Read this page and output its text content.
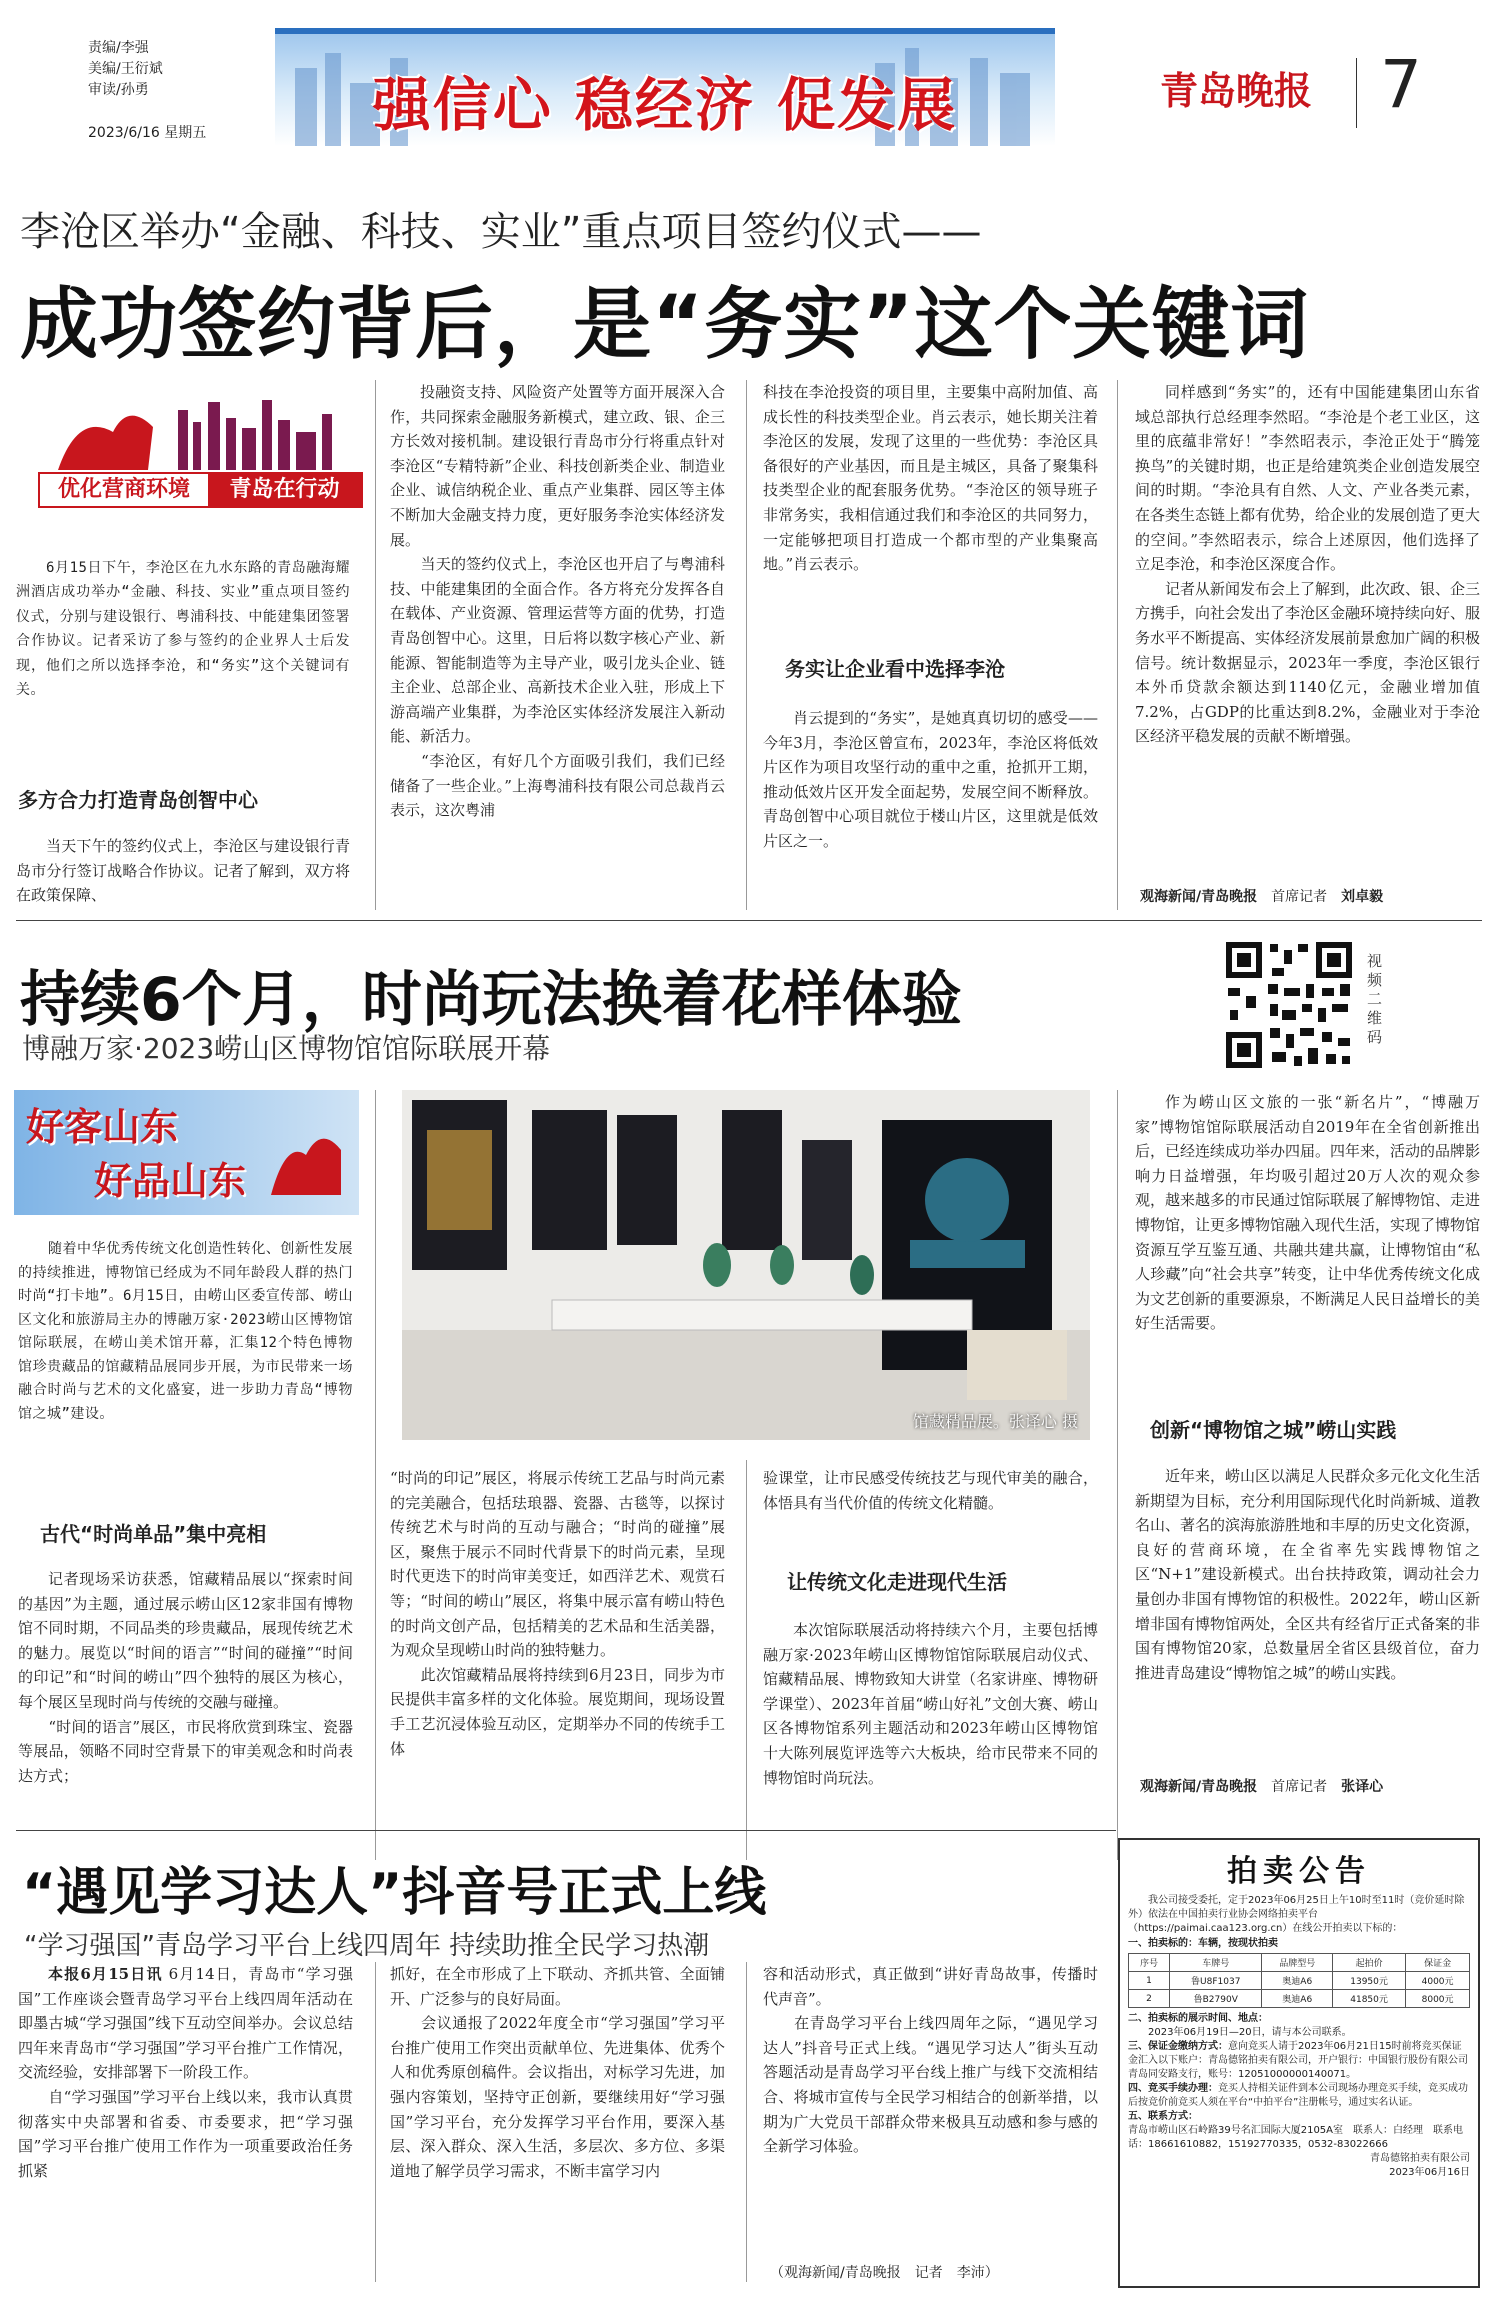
责编/李强
美编/王衍斌
审读/孙勇
2023/6/16 星期五	强信心 稳经济 促发展	青岛晚报 7
李沧区举办“金融、科技、实业”重点项目签约仪式——
成功签约背后，是“务实”这个关键词
优化营商环境	青岛在行动
6月15日下午，李沧区在九水东路的青岛融海耀洲酒店成功举办“金融、科技、实业”重点项目签约仪式，分别与建设银行、粤浦科技、中能建集团签署合作协议。记者采访了参与签约的企业界人士后发现，他们之所以选择李沧，和“务实”这个关键词有关。
多方合力打造青岛创智中心
当天下午的签约仪式上，李沧区与建设银行青岛市分行签订战略合作协议。记者了解到，双方将在政策保障、
投融资支持、风险资产处置等方面开展深入合作，共同探索金融服务新模式，建立政、银、企三方长效对接机制。建设银行青岛市分行将重点针对李沧区“专精特新”企业、科技创新类企业、制造业企业、诚信纳税企业、重点产业集群、园区等主体不断加大金融支持力度，更好服务李沧实体经济发展。
　　当天的签约仪式上，李沧区也开启了与粤浦科技、中能建集团的全面合作。各方将充分发挥各自在载体、产业资源、管理运营等方面的优势，打造青岛创智中心。这里，日后将以数字核心产业、新能源、智能制造等为主导产业，吸引龙头企业、链主企业、总部企业、高新技术企业入驻，形成上下游高端产业集群，为李沧区实体经济发展注入新动能、新活力。
　　“李沧区，有好几个方面吸引我们，我们已经储备了一些企业。”上海粤浦科技有限公司总裁肖云表示，这次粤浦
科技在李沧投资的项目里，主要集中高附加值、高成长性的科技类型企业。肖云表示，她长期关注着李沧区的发展，发现了这里的一些优势：李沧区具备很好的产业基因，而且是主城区，具备了聚集科技类型企业的配套服务优势。“李沧区的领导班子非常务实，我相信通过我们和李沧区的共同努力，一定能够把项目打造成一个都市型的产业集聚高地。”肖云表示。
务实让企业看中选择李沧
肖云提到的“务实”，是她真真切切的感受——今年3月，李沧区曾宣布，2023年，李沧区将低效片区作为项目攻坚行动的重中之重，抢抓开工期，推动低效片区开发全面起势，发展空间不断释放。青岛创智中心项目就位于楼山片区，这里就是低效片区之一。
同样感到“务实”的，还有中国能建集团山东省域总部执行总经理李然昭。“李沧是个老工业区，这里的底蕴非常好！”李然昭表示，李沧正处于“腾笼换鸟”的关键时期，也正是给建筑类企业创造发展空间的时期。“李沧具有自然、人文、产业各类元素，在各类生态链上都有优势，给企业的发展创造了更大的空间。”李然昭表示，综合上述原因，他们选择了立足李沧，和李沧区深度合作。
　　记者从新闻发布会上了解到，此次政、银、企三方携手，向社会发出了李沧区金融环境持续向好、服务水平不断提高、实体经济发展前景愈加广阔的积极信号。统计数据显示，2023年一季度，李沧区银行本外币贷款余额达到1140亿元，金融业增加值7.2%，占GDP的比重达到8.2%，金融业对于李沧区经济平稳发展的贡献不断增强。
观海新闻/青岛晚报　 首席记者　 刘卓毅
持续6个月，时尚玩法换着花样体验
博融万家·2023崂山区博物馆馆际联展开幕
视频二维码
好客山东
好品山东
随着中华优秀传统文化创造性转化、创新性发展的持续推进，博物馆已经成为不同年龄段人群的热门时尚“打卡地”。6月15日，由崂山区委宣传部、崂山区文化和旅游局主办的博融万家·2023崂山区博物馆馆际联展，在崂山美术馆开幕，汇集12个特色博物馆珍贵藏品的馆藏精品展同步开展，为市民带来一场融合时尚与艺术的文化盛宴，进一步助力青岛“博物馆之城”建设。
古代“时尚单品”集中亮相
记者现场采访获悉，馆藏精品展以“探索时间的基因”为主题，通过展示崂山区12家非国有博物馆不同时期，不同品类的珍贵藏品，展现传统艺术的魅力。展览以“时间的语言”“时间的碰撞”“时间的印记”和“时间的崂山”四个独特的展区为核心，每个展区呈现时尚与传统的交融与碰撞。
　　“时间的语言”展区，市民将欣赏到珠宝、瓷器等展品，领略不同时空背景下的审美观念和时尚表达方式；
馆藏精品展。张译心 摄
“时尚的印记”展区，将展示传统工艺品与时尚元素的完美融合，包括珐琅器、瓷器、古毯等，以探讨传统艺术与时尚的互动与融合；“时尚的碰撞”展区，聚焦于展示不同时代背景下的时尚元素，呈现时代更迭下的时尚审美变迁，如西洋艺术、观赏石等；“时间的崂山”展区，将集中展示富有崂山特色的时尚文创产品，包括精美的艺术品和生活美器，为观众呈现崂山时尚的独特魅力。
　　此次馆藏精品展将持续到6月23日，同步为市民提供丰富多样的文化体验。展览期间，现场设置手工艺沉浸体验互动区，定期举办不同的传统手工体
验课堂，让市民感受传统技艺与现代审美的融合，体悟具有当代价值的传统文化精髓。
让传统文化走进现代生活
本次馆际联展活动将持续六个月，主要包括博融万家·2023年崂山区博物馆馆际联展启动仪式、馆藏精品展、博物致知大讲堂（名家讲座、博物研学课堂）、2023年首届“崂山好礼”文创大赛、崂山区各博物馆系列主题活动和2023年崂山区博物馆十大陈列展览评选等六大板块，给市民带来不同的博物馆时尚玩法。
作为崂山区文旅的一张“新名片”，“博融万家”博物馆馆际联展活动自2019年在全省创新推出后，已经连续成功举办四届。四年来，活动的品牌影响力日益增强，年均吸引超过20万人次的观众参观，越来越多的市民通过馆际联展了解博物馆、走进博物馆，让更多博物馆融入现代生活，实现了博物馆资源互学互鉴互通、共融共建共赢，让博物馆由“私人珍藏”向“社会共享”转变，让中华优秀传统文化成为文艺创新的重要源泉，不断满足人民日益增长的美好生活需要。
创新“博物馆之城”崂山实践
近年来，崂山区以满足人民群众多元化文化生活新期望为目标，充分利用国际现代化时尚新城、道教名山、著名的滨海旅游胜地和丰厚的历史文化资源，良好的营商环境，在全省率先实践博物馆之区“N+1”建设新模式。出台扶持政策，调动社会力量创办非国有博物馆的积极性。2022年，崂山区新增非国有博物馆两处，全区共有经省厅正式备案的非国有博物馆20家，总数量居全省区县级首位，奋力推进青岛建设“博物馆之城”的崂山实践。
观海新闻/青岛晚报　 首席记者　 张译心
“遇见学习达人”抖音号正式上线
“学习强国”青岛学习平台上线四周年 持续助推全民学习热潮
本报6月15日讯 6月14日，青岛市“学习强国”工作座谈会暨青岛学习平台上线四周年活动在即墨古城“学习强国”线下互动空间举办。会议总结四年来青岛市“学习强国”学习平台推广工作情况，交流经验，安排部署下一阶段工作。
　　自“学习强国”学习平台上线以来，我市认真贯彻落实中央部署和省委、市委要求，把“学习强国”学习平台推广使用工作作为一项重要政治任务抓紧
抓好，在全市形成了上下联动、齐抓共管、全面铺开、广泛参与的良好局面。
　　会议通报了2022年度全市“学习强国”学习平台推广使用工作突出贡献单位、先进集体、优秀个人和优秀原创稿件。会议指出，对标学习先进，加强内容策划，坚持守正创新，要继续用好“学习强国”学习平台，充分发挥学习平台作用，要深入基层、深入群众、深入生活，多层次、多方位、多渠道地了解学员学习需求，不断丰富学习内
容和活动形式，真正做到“讲好青岛故事，传播时代声音”。
　　在青岛学习平台上线四周年之际，“遇见学习达人”抖音号正式上线。“遇见学习达人”街头互动答题活动是青岛学习平台线上推广与线下交流相结合、将城市宣传与全民学习相结合的创新举措，以期为广大党员干部群众带来极具互动感和参与感的全新学习体验。
（观海新闻/青岛晚报　记者　李沛）
拍卖公告
我公司接受委托，定于2023年06月25日上午10时至11时（竞价延时除外）依法在中国拍卖行业协会网络拍卖平台（https://paimai.caa123.org.cn）在线公开拍卖以下标的：
一、拍卖标的：车辆，按现状拍卖
序号	车牌号	品牌型号	起拍价	保证金
1	鲁U8F1037	奥迪A6	13950元	4000元
2	鲁B2790V	奥迪A6	41850元	8000元
二、拍卖标的展示时间、地点：
2023年06月19日—20日，请与本公司联系。
三、保证金缴纳方式：意向竞买人请于2023年06月21日15时前将竞买保证金汇入以下账户：青岛德铭拍卖有限公司，开户银行：中国银行股份有限公司青岛同安路支行，账号：12051000000140071。
四、竞买手续办理：竞买人持相关证件到本公司现场办理竞买手续，竞买成功后按竞价前竞买人须在平台“中拍平台”注册帐号，通过实名认证。
五、联系方式：
青岛市崂山区石岭路39号名汇国际大厦2105A室　联系人：白经理　联系电话：18661610882，15192770335，0532-83022666
青岛德铭拍卖有限公司
2023年06月16日
